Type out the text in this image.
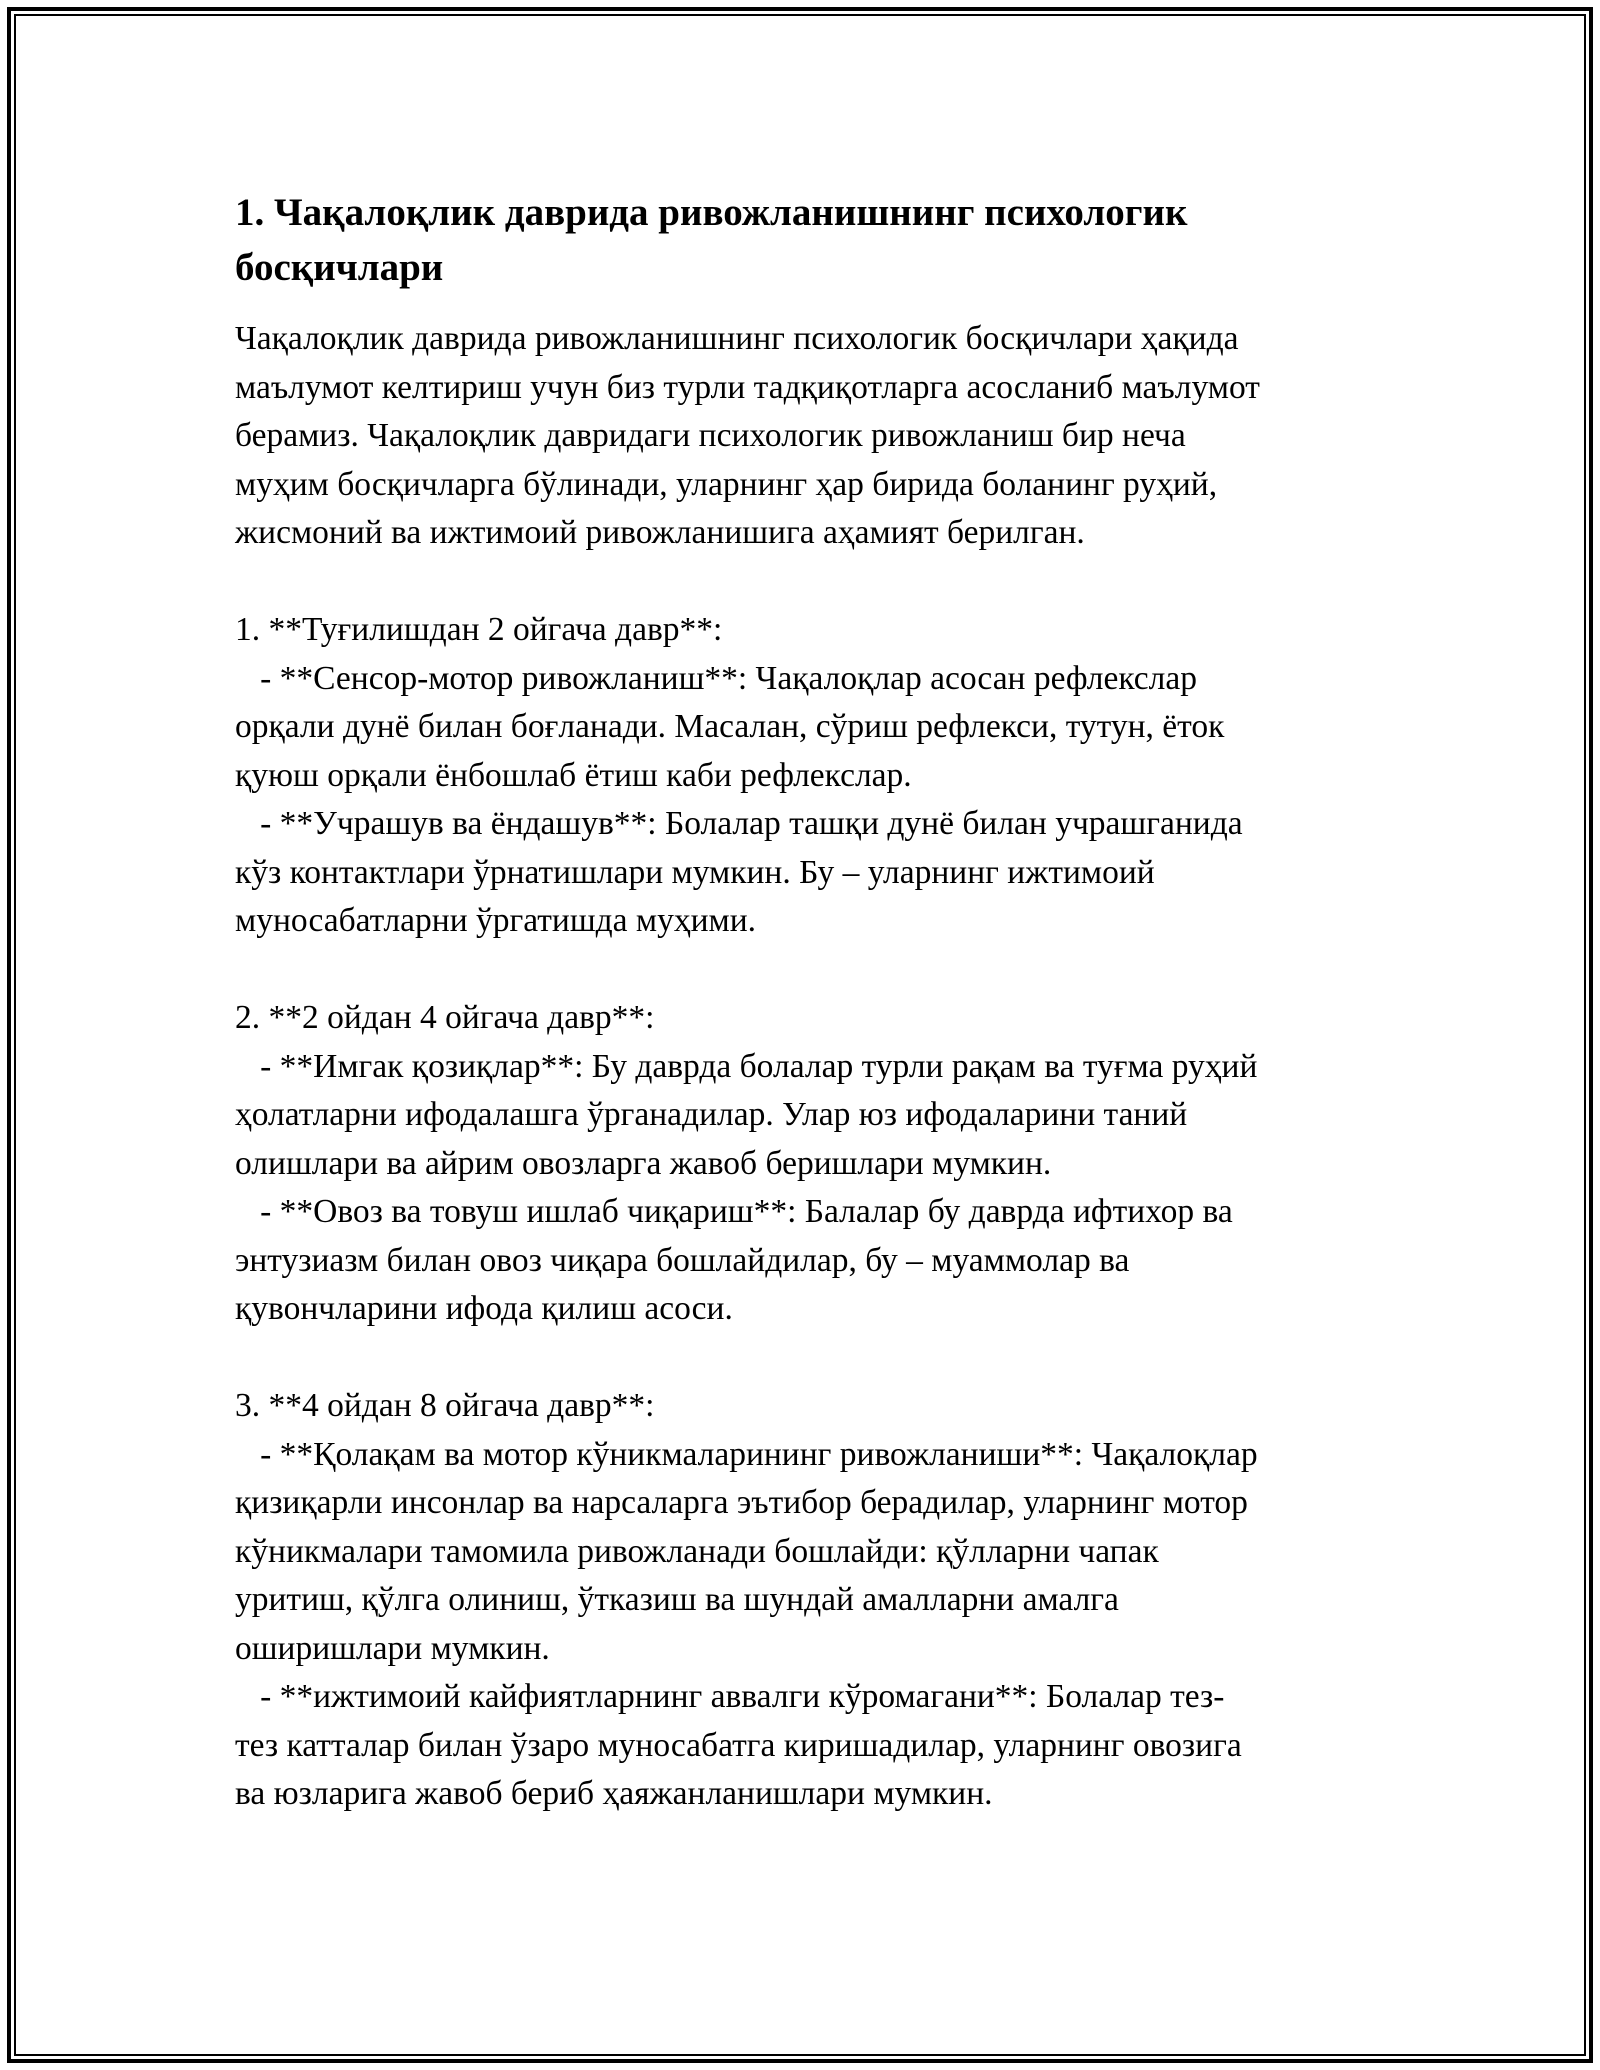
1. Чақалоқлик даврида ривожланишнинг психологик
босқичлари
Чақалоқлик даврида ривожланишнинг психологик босқичлари ҳақида
маълумот келтириш учун биз турли тадқиқотларга асосланиб маълумот
берамиз. Чақалоқлик давридаги психологик ривожланиш бир неча
муҳим босқичларга бўлинади, уларнинг ҳар бирида боланинг руҳий,
жисмоний ва ижтимоий ривожланишига аҳамият берилган.
1. **Туғилишдан 2 ойгача давр**:
- **Сенсор-мотор ривожланиш**: Чақалоқлар асосан рефлекслар
орқали дунё билан боғланади. Масалан, сўриш рефлекси, тутун, ёток
қуюш орқали ёнбошлаб ётиш каби рефлекслар.
- **Учрашув ва ёндашув**: Болалар ташқи дунё билан учрашганида
кўз контактлари ўрнатишлари мумкин. Бу – уларнинг ижтимоий
муносабатларни ўргатишда муҳими.
2. **2 ойдан 4 ойгача давр**:
- **Имгак қозиқлар**: Бу даврда болалар турли рақам ва туғма руҳий
ҳолатларни ифодалашга ўрганадилар. Улар юз ифодаларини таний
олишлари ва айрим овозларга жавоб беришлари мумкин.
- **Овоз ва товуш ишлаб чиқариш**: Балалар бу даврда ифтихор ва
энтузиазм билан овоз чиқара бошлайдилар, бу – муаммолар ва
қувончларини ифода қилиш асоси.
3. **4 ойдан 8 ойгача давр**:
- **Қолақам ва мотор кўникмаларининг ривожланиши**: Чақалоқлар
қизиқарли инсонлар ва нарсаларга эътибор берадилар, уларнинг мотор
кўникмалари тамомила ривожланади бошлайди: қўлларни чапак
уритиш, қўлга олиниш, ўтказиш ва шундай амалларни амалга
оширишлари мумкин.
- **ижтимоий кайфиятларнинг аввалги кўромагани**: Болалар тез-
тез катталар билан ўзаро муносабатга киришадилар, уларнинг овозига
ва юзларига жавоб бериб ҳаяжанланишлари мумкин.
